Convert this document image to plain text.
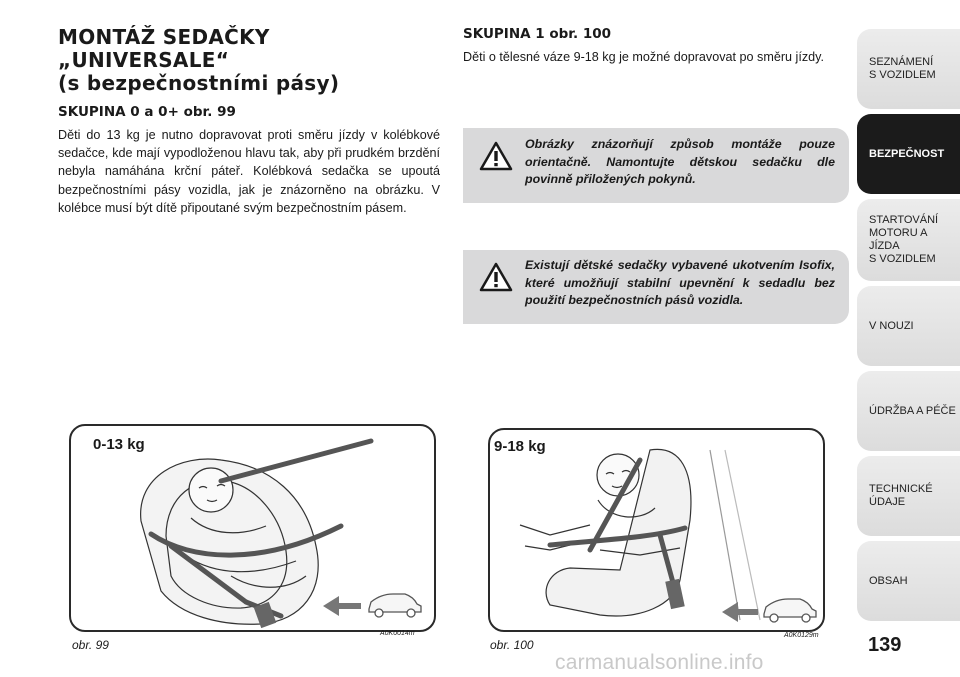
MONTÁŽ SEDAČKY „UNIVERSALE“
(s bezpečnostními pásy)
SKUPINA 0 a 0+ obr. 99

Děti do 13 kg je nutno dopravovat proti směru jízdy v kolébkové sedačce, kde mají vypodloženou hlavu tak, aby při prudkém brzdění nebyla namáhána krční páteř. Kolébková sedačka se upoutá bezpečnostními pásy vozidla, jak je znázorněno na obrázku. V kolébce musí být dítě připoutané svým bezpečnostním pásem.

SKUPINA 1 obr. 100

Děti o tělesné váze 9-18 kg je možné dopravovat po směru jízdy.

Obrázky znázorňují způsob montáže pouze orientačně. Namontujte dětskou sedačku dle povinně přiložených pokynů.

Existují dětské sedačky vybavené ukotvením Isofix, které umožňují stabilní upevnění k sedadlu bez použití bezpečnostních pásů vozidla.

0-13 kg
obr. 99
A0K0014m
9-18 kg
obr. 100
A0K0129m
SEZNÁMENÍ
S VOZIDLEM
BEZPEČNOST
STARTOVÁNÍ
MOTORU A JÍZDA
S VOZIDLEM
V NOUZI
ÚDRŽBA A PÉČE
TECHNICKÉ
ÚDAJE
OBSAH
139
carmanualsonline.info
